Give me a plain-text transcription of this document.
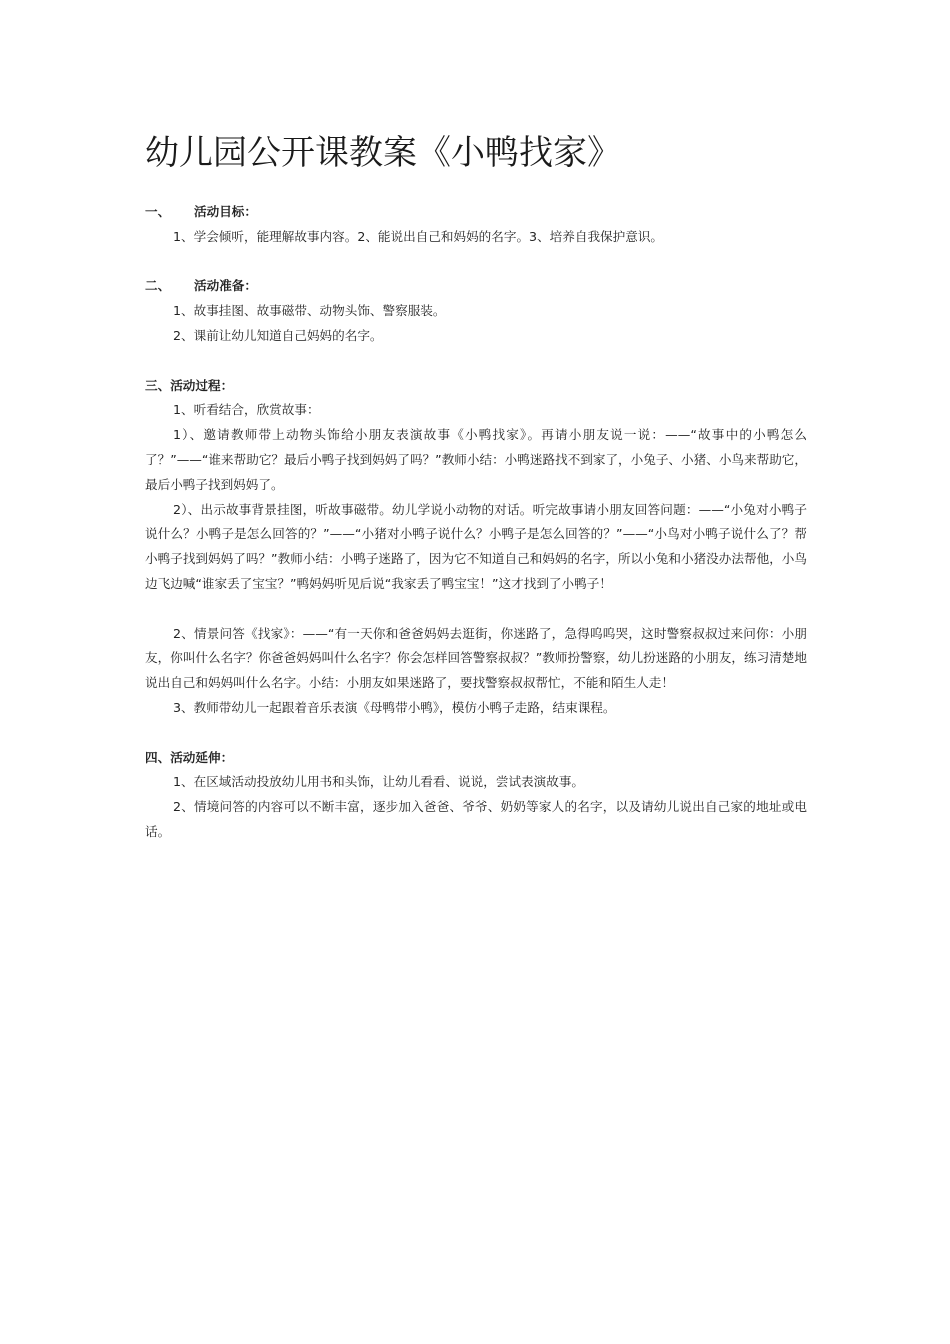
幼儿园公开课教案《小鸭找家》

一、 活动目标：

1、学会倾听，能理解故事内容。2、能说出自己和妈妈的名字。3、培养自我保护意识。

二、 活动准备：

1、故事挂图、故事磁带、动物头饰、警察服装。

2、课前让幼儿知道自己妈妈的名字。

三、活动过程：

1、听看结合，欣赏故事：

1）、邀请教师带上动物头饰给小朋友表演故事《小鸭找家》。再请小朋友说一说：——“故事中的小鸭怎么了？”——“谁来帮助它？最后小鸭子找到妈妈了吗？”教师小结：小鸭迷路找不到家了，小兔子、小猪、小鸟来帮助它，最后小鸭子找到妈妈了。

2）、出示故事背景挂图，听故事磁带。幼儿学说小动物的对话。听完故事请小朋友回答问题：——“小兔对小鸭子说什么？小鸭子是怎么回答的？”——“小猪对小鸭子说什么？小鸭子是怎么回答的？”——“小鸟对小鸭子说什么了？帮小鸭子找到妈妈了吗？”教师小结：小鸭子迷路了，因为它不知道自己和妈妈的名字，所以小兔和小猪没办法帮他，小鸟边飞边喊“谁家丢了宝宝？”鸭妈妈听见后说“我家丢了鸭宝宝！”这才找到了小鸭子！

2、情景问答《找家》：——“有一天你和爸爸妈妈去逛街，你迷路了，急得呜呜哭，这时警察叔叔过来问你：小朋友，你叫什么名字？你爸爸妈妈叫什么名字？你会怎样回答警察叔叔？”教师扮警察，幼儿扮迷路的小朋友，练习清楚地说出自己和妈妈叫什么名字。小结：小朋友如果迷路了，要找警察叔叔帮忙，不能和陌生人走！

3、教师带幼儿一起跟着音乐表演《母鸭带小鸭》，模仿小鸭子走路，结束课程。

四、活动延伸：

1、在区域活动投放幼儿用书和头饰，让幼儿看看、说说，尝试表演故事。

2、情境问答的内容可以不断丰富，逐步加入爸爸、爷爷、奶奶等家人的名字，以及请幼儿说出自己家的地址或电话。
